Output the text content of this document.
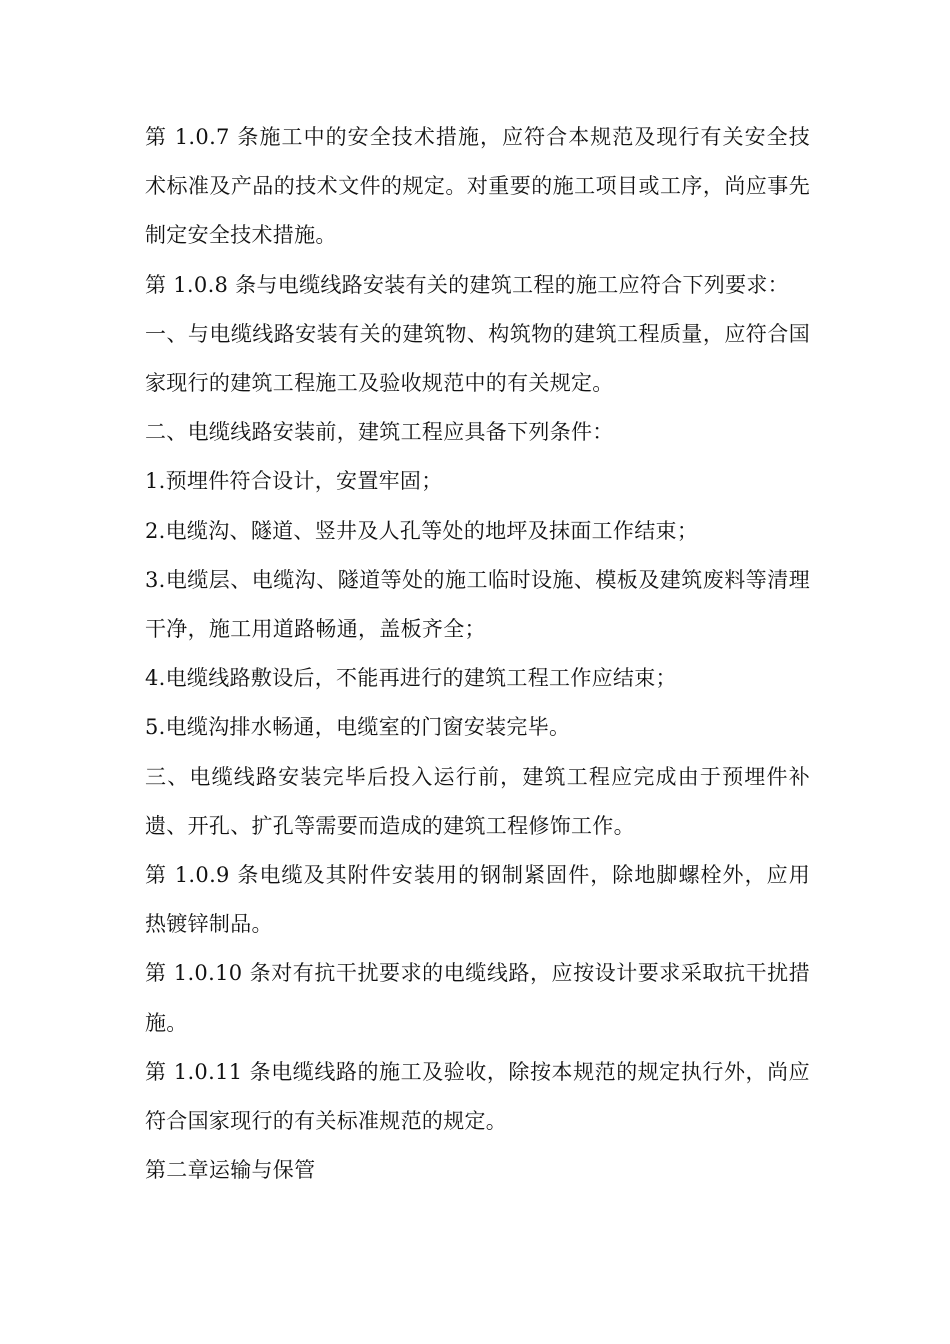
第 1.0.7 条施工中的安全技术措施，应符合本规范及现行有关安全技术标准及产品的技术文件的规定。对重要的施工项目或工序，尚应事先制定安全技术措施。

第 1.0.8 条与电缆线路安装有关的建筑工程的施工应符合下列要求：

一、与电缆线路安装有关的建筑物、构筑物的建筑工程质量，应符合国家现行的建筑工程施工及验收规范中的有关规定。

二、电缆线路安装前，建筑工程应具备下列条件：

1.预埋件符合设计，安置牢固；

2.电缆沟、隧道、竖井及人孔等处的地坪及抹面工作结束；

3.电缆层、电缆沟、隧道等处的施工临时设施、模板及建筑废料等清理干净，施工用道路畅通，盖板齐全；

4.电缆线路敷设后，不能再进行的建筑工程工作应结束；

5.电缆沟排水畅通，电缆室的门窗安装完毕。

三、电缆线路安装完毕后投入运行前，建筑工程应完成由于预埋件补遗、开孔、扩孔等需要而造成的建筑工程修饰工作。

第 1.0.9 条电缆及其附件安装用的钢制紧固件，除地脚螺栓外，应用热镀锌制品。

第 1.0.10 条对有抗干扰要求的电缆线路，应按设计要求采取抗干扰措施。

第 1.0.11 条电缆线路的施工及验收，除按本规范的规定执行外，尚应符合国家现行的有关标准规范的规定。

第二章运输与保管
